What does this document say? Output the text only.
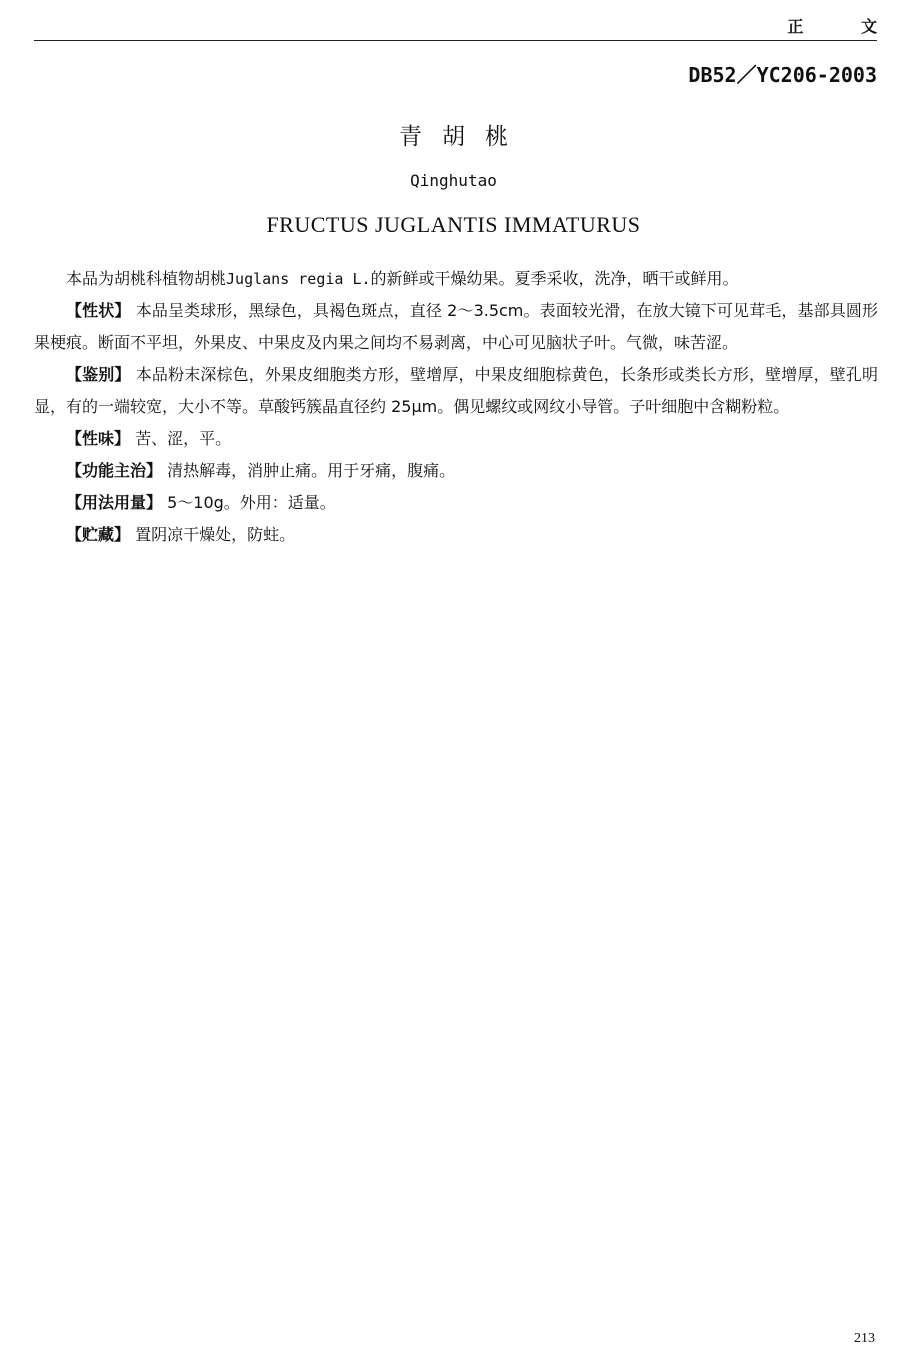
正 文
DB52／YC206-2003
青胡桃
Qinghutao
FRUCTUS JUGLANTIS IMMATURUS

本品为胡桃科植物胡桃Juglans regia L.的新鲜或干燥幼果。夏季采收，洗净，晒干或鲜用。

【性状】 本品呈类球形，黑绿色，具褐色斑点，直径 2～3.5cm。表面较光滑，在放大镜下可见茸毛，基部具圆形果梗痕。断面不平坦，外果皮、中果皮及内果之间均不易剥离，中心可见脑状子叶。气微，味苦涩。

【鉴别】 本品粉末深棕色，外果皮细胞类方形，壁增厚，中果皮细胞棕黄色，长条形或类长方形，壁增厚，壁孔明显，有的一端较宽，大小不等。草酸钙簇晶直径约 25μm。偶见螺纹或网纹小导管。子叶细胞中含糊粉粒。

【性味】 苦、涩，平。

【功能主治】 清热解毒，消肿止痛。用于牙痛，腹痛。

【用法用量】 5～10g。外用：适量。

【贮藏】 置阴凉干燥处，防蛀。

213
